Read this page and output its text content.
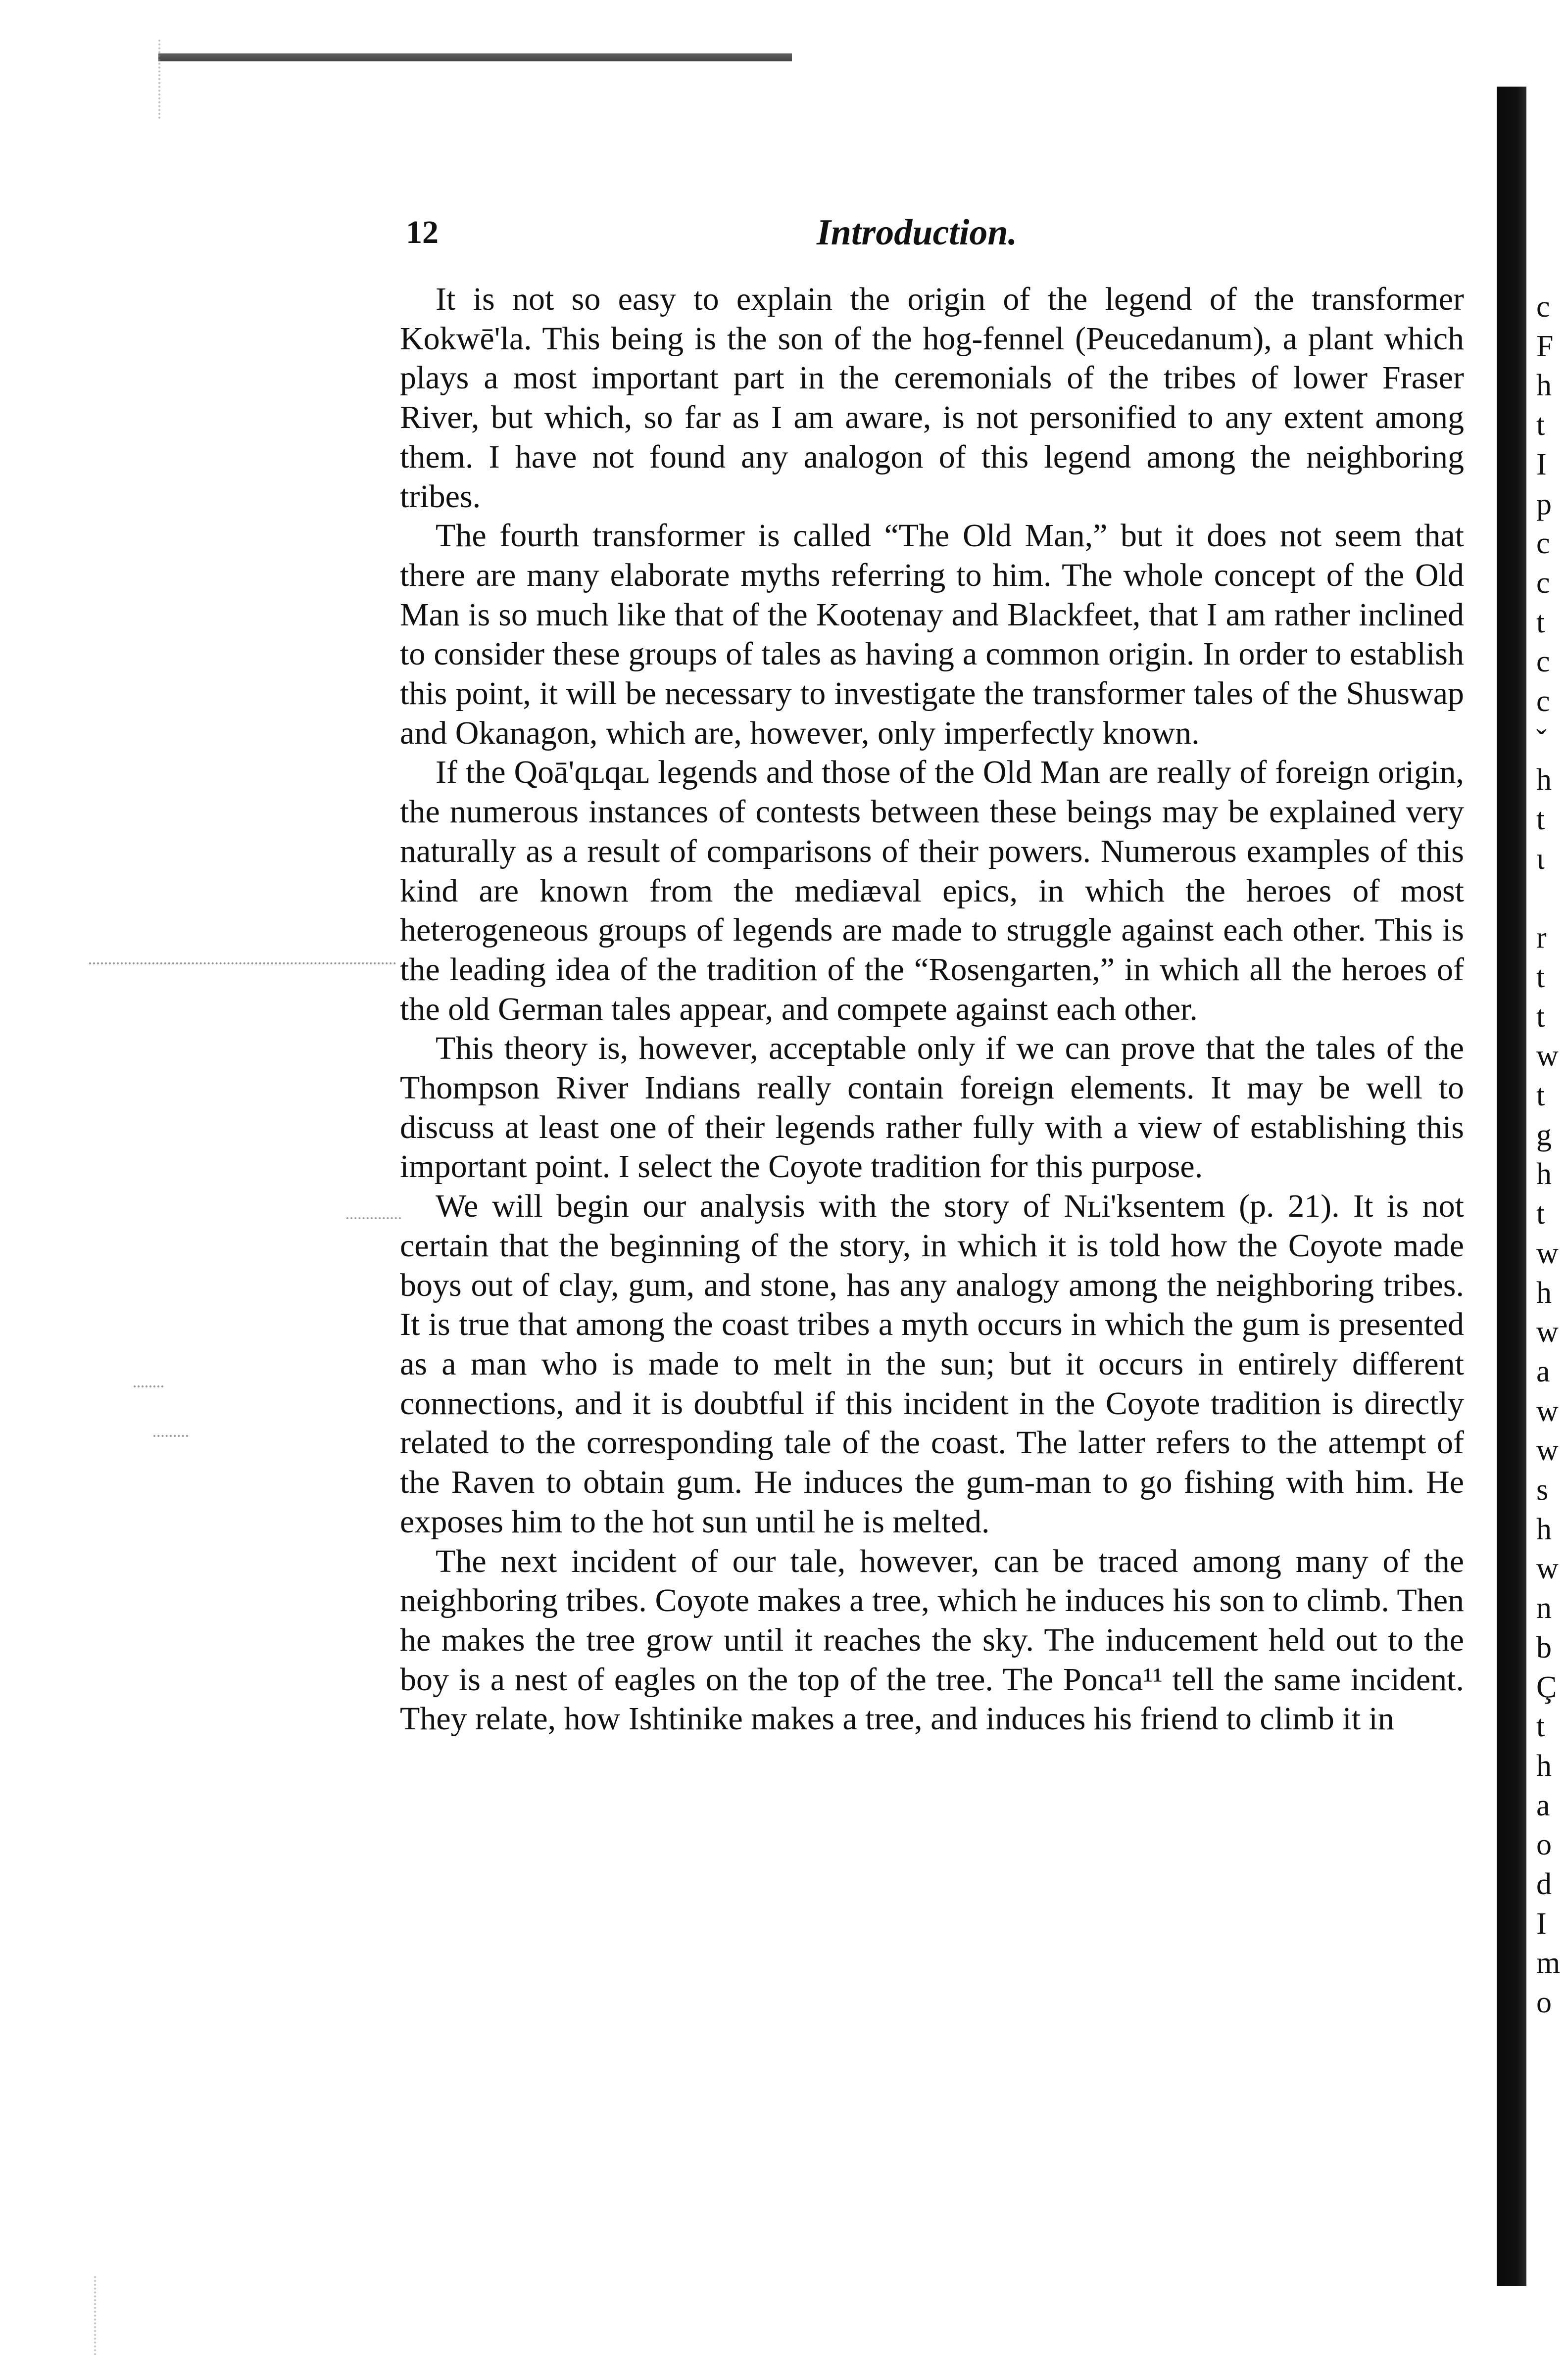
12	Introduction.

It is not so easy to explain the origin of the legend of the transformer Kokwē'la. This being is the son of the hog-fennel (Peucedanum), a plant which plays a most important part in the ceremonials of the tribes of lower Fraser River, but which, so far as I am aware, is not personified to any extent among them. I have not found any analogon of this legend among the neighboring tribes.

The fourth transformer is called “The Old Man,” but it does not seem that there are many elaborate myths referring to him. The whole concept of the Old Man is so much like that of the Kootenay and Blackfeet, that I am rather inclined to consider these groups of tales as having a common origin. In order to establish this point, it will be necessary to investigate the transformer tales of the Shuswap and Okanagon, which are, however, only imperfectly known.

If the Qoā'qʟqaʟ legends and those of the Old Man are really of foreign origin, the numerous instances of contests between these beings may be explained very naturally as a result of comparisons of their powers. Numerous examples of this kind are known from the mediæval epics, in which the heroes of most heterogeneous groups of legends are made to struggle against each other. This is the leading idea of the tradition of the “Rosengarten,” in which all the heroes of the old German tales appear, and compete against each other.

This theory is, however, acceptable only if we can prove that the tales of the Thompson River Indians really contain foreign elements. It may be well to discuss at least one of their legends rather fully with a view of establishing this important point. I select the Coyote tradition for this purpose.

We will begin our analysis with the story of Nʟi'ksentem (p. 21). It is not certain that the beginning of the story, in which it is told how the Coyote made boys out of clay, gum, and stone, has any analogy among the neighboring tribes. It is true that among the coast tribes a myth occurs in which the gum is presented as a man who is made to melt in the sun; but it occurs in entirely different connections, and it is doubtful if this incident in the Coyote tradition is directly related to the corresponding tale of the coast. The latter refers to the attempt of the Raven to obtain gum. He induces the gum-man to go fishing with him. He exposes him to the hot sun until he is melted.

The next incident of our tale, however, can be traced among many of the neighboring tribes. Coyote makes a tree, which he induces his son to climb. Then he makes the tree grow until it reaches the sky. The inducement held out to the boy is a nest of eagles on the top of the tree. The Ponca¹¹ tell the same incident. They relate, how Ishtinike makes a tree, and induces his friend to climb it in

c
F
h
t
I
p
c
c
t
c
c
ˇ
h
t
ι
r
t
t
w
t
g
h
t
w
h
w
a
w
w
s
h
w
n
b
Ç
t
h
a
o
d
I
m
o
